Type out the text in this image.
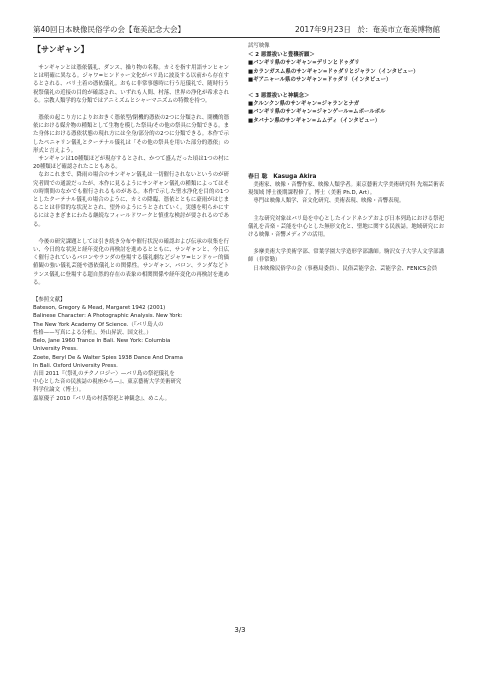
第40回日本映像民俗学の会【奄美記念大会】	2017年9月23日 於：奄美市立奄美博物館
【サンギャン】

サンギャンとは憑依儀礼、ダンス、操り物の名称。カミを指す用語サンヒャンとは明確に異なる。ジャワ=ヒンドゥー文化がバリ島に波及する以前から存在するとされる、バリ土着の憑依儀礼。おもに非常事態時に行う厄儀礼で、随時行う祝祭儀礼の近接の目的が確認され、いずれも人間、村落、世界の浄化が希求される。宗教人類学的な分類ではアニミズムとシャーマニズムの特徴を持つ。

憑依の起こり方によりおおきく憑依型/閉機的憑依の2つに分類され、閉機的憑依における媒介物の種類として生物を模した祭具/その他の祭具に分類できる。また身体における憑依状態の現れ方には全身/部分的の2つに分類できる。本作で示したペニャリン儀礼とクーテナル儀礼は「その他の祭具を用いた部分的憑依」の形式と言えよう。

サンギャンは10種類ほどが現存するとされ、かつて盛んだった頃は1つの村に20種類ほど確認されたこともある。

なおこれまで、降雨の場合のサンギャン儀礼は一切催行されないというのが研究者間での通説だったが、本作に見るようにサンギャン儀礼の種類によってはその時期間のなかでも催行されるものがある。本作で示した聖水浄化を目的の1つとしたクーテナル儀礼の場合のように、カミの降臨、憑依とともに豪雨がはじまることは非常的な状況とされ、望外のようにうとされていく。実態を明らかにするにはさまざまにわたる継続なフィールドワークと慎重な検討が要されるのである。

今後の研究課題としては引き続き分布や催行状況の確認および伝承の収集を行い、今日的な状況と経年変化の再検討を進めるとともに、サンギャンと、今日広く催行されているバロンやランダの登場する儀礼劇などジャワ=ヒンドゥー的価値観の強い儀礼芸能や憑依儀礼との関係性。サンギャン、バロン、ランダなどトランス儀礼に登場する超自然的存在の表象の相関関係や経年変化の再検討を進める。

【参照文献】
Bateson, Gregory & Mead, Margaret 1942 (2001)
Balinese Character: A Photographic Analysis. New York:
The New York Academy Of Science.（『バリ島人の
性格——写真による分析』、外山昇訳、国文社。）
Belo, Jane 1960 Trance In Bali. New York: Columbia
University Press.
Zoete, Beryl De & Walter Spies 1938 Dance And Drama
In Bali. Oxford University Press.
吉田 2011『〈祭礼のテクノロジー〉—バリ島の祭祀儀礼を
中心とした音の民族誌の視座から—』、東京藝術大学美術研究
科学位論文（博士）。
嘉原優子 2010『バリ島の村落祭祀と神観念』、めこん。
試写映像
＜ 2 悪霊祓いと豊穣祈願＞
■バンギリ県のサンギャン=デリンとドゥダリ
■カランガスム県のサンギャン=ドゥダリとジャラン（インタビュー）
■ギアニャール県のサンギャン=ドゥダリ（インタビュー）
＜ 3 悪霊祓いと神観念＞
■クルンクン県のサンギャン=ジャランとナガ
■バンギリ県のサンギャン=ジャンゲール=ムボールボル
■タバナン県のサンギャン=ムムディ（インタビュー）
春日 聡　Kasuga Akira

美術家、映像・音響作家、映像人類学者。東京藝術大学美術研究科 先端芸術表現領域 博士後期課程修了。博士（美術 Ph.D, Art）。

専門は映像人類学、音文化研究、美術表現、映像・音響表現。

主な研究対象はバリ島を中心としたインドネシアおよび日本列島における祭祀儀礼を音楽・芸能を中心とした無形文化と、聖地に関する民族誌。地域研究における映像・音響メディアの活用。

多摩美術大学美術学部、常葉学園大学造形学部講師。駒沢女子大学人文学部講師（非常勤）

日本映像民俗学の会（事務局委員）、民俗芸能学会、芸能学会、FENICS会員

3/3
